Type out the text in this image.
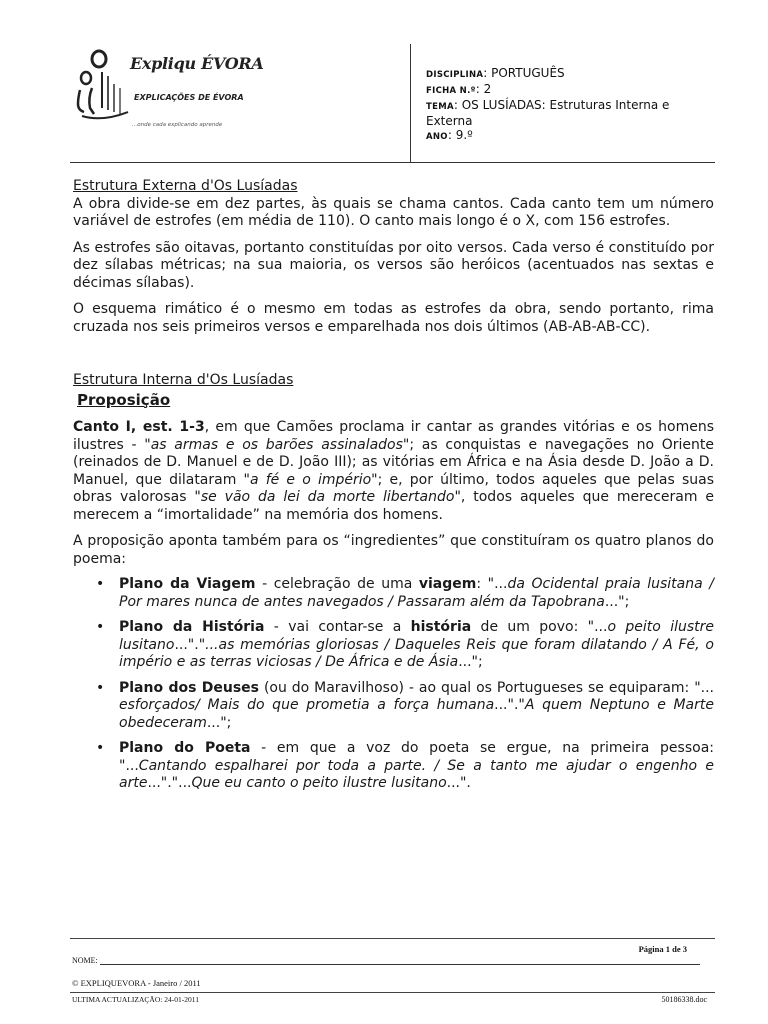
Expliqu ÉVORA
EXPLICAÇÕES DE ÉVORA
...onde cada explicando aprende
DISCIPLINA: PORTUGUÊS
FICHA N.º: 2
TEMA: OS LUSÍADAS: Estruturas Interna e Externa
ANO: 9.º
Estrutura Externa d'Os Lusíadas

A obra divide-se em dez partes, às quais se chama cantos. Cada canto tem um número variável de estrofes (em média de 110). O canto mais longo é o X, com 156 estrofes.

As estrofes são oitavas, portanto constituídas por oito versos. Cada verso é constituído por dez sílabas métricas; na sua maioria, os versos são heróicos (acentuados nas sextas e décimas sílabas).

O esquema rimático é o mesmo em todas as estrofes da obra, sendo portanto, rima cruzada nos seis primeiros versos e emparelhada nos dois últimos (AB-AB-AB-CC).

Estrutura Interna d'Os Lusíadas
Proposição

Canto I, est. 1-3, em que Camões proclama ir cantar as grandes vitórias e os homens ilustres - "as armas e os barões assinalados"; as conquistas e navegações no Oriente (reinados de D. Manuel e de D. João III); as vitórias em África e na Ásia desde D. João a D. Manuel, que dilataram "a fé e o império"; e, por último, todos aqueles que pelas suas obras valorosas "se vão da lei da morte libertando", todos aqueles que mereceram e merecem a “imortalidade” na memória dos homens.

A proposição aponta também para os “ingredientes” que constituíram os quatro planos do poema:

• Plano da Viagem - celebração de uma viagem: "...da Ocidental praia lusitana / Por mares nunca de antes navegados / Passaram além da Tapobrana...";
• Plano da História - vai contar-se a história de um povo: "...o peito ilustre lusitano..."."...as memórias gloriosas / Daqueles Reis que foram dilatando / A Fé, o império e as terras viciosas / De África e de Ásia...";
• Plano dos Deuses (ou do Maravilhoso) - ao qual os Portugueses se equiparam: "... esforçados/ Mais do que prometia a força humana..."."A quem Neptuno e Marte obedeceram...";
• Plano do Poeta - em que a voz do poeta se ergue, na primeira pessoa: "...Cantando espalharei por toda a parte. / Se a tanto me ajudar o engenho e arte..."."...Que eu canto o peito ilustre lusitano...".
Página 1 de 3
NOME:
© EXPLIQUEVORA - Janeiro / 2011
ULTIMA ACTUALIZAÇÃO: 24-01-2011	50186338.doc
